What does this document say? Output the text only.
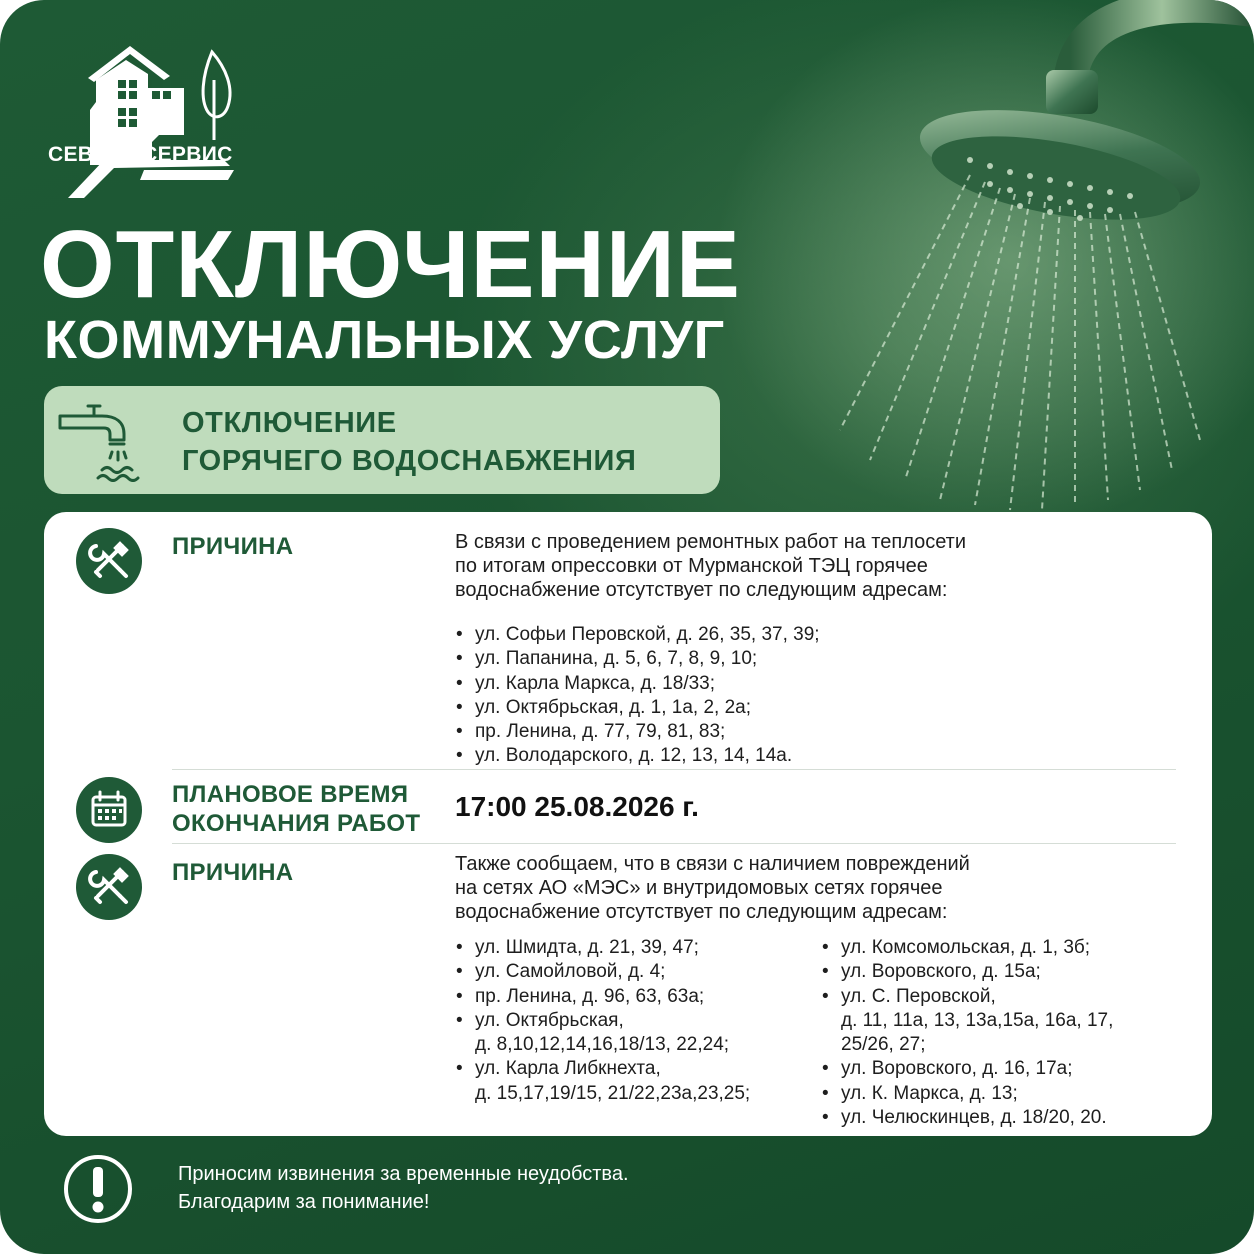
СЕВЖИЛСЕРВИС
ОТКЛЮЧЕНИЕ
КОММУНАЛЬНЫХ УСЛУГ
ОТКЛЮЧЕНИЕ
ГОРЯЧЕГО ВОДОСНАБЖЕНИЯ
ПРИЧИНА	В связи с проведением ремонтных работ на теплосети
по итогам опрессовки от Мурманской ТЭЦ горячее
водоснабжение отсутствует по следующим адресам:
• ул. Софьи Перовской, д. 26, 35, 37, 39;
• ул. Папанина, д. 5, 6, 7, 8, 9, 10;
• ул. Карла Маркса, д. 18/33;
• ул. Октябрьская, д. 1, 1а, 2, 2а;
• пр. Ленина, д. 77, 79, 81, 83;
• ул. Володарского, д. 12, 13, 14, 14а.
ПЛАНОВОЕ ВРЕМЯ
ОКОНЧАНИЯ РАБОТ
17:00 25.08.2026 г.
ПРИЧИНА	Также сообщаем, что в связи с наличием повреждений
на сетях АО «МЭС» и внутридомовых сетях горячее
водоснабжение отсутствует по следующим адресам:
• ул. Шмидта, д. 21, 39, 47;
• ул. Самойловой, д. 4;
• пр. Ленина, д. 96, 63, 63а;
• ул. Октябрьская,
д. 8,10,12,14,16,18/13, 22,24;
• ул. Карла Либкнехта,
д. 15,17,19/15, 21/22,23а,23,25;
• ул. Комсомольская, д. 1, 3б;
• ул. Воровского, д. 15а;
• ул. С. Перовской,
д. 11, 11а, 13, 13а,15а, 16а, 17,
25/26, 27;
• ул. Воровского, д. 16, 17а;
• ул. К. Маркса, д. 13;
• ул. Челюскинцев, д. 18/20, 20.
Приносим извинения за временные неудобства.
Благодарим за понимание!
